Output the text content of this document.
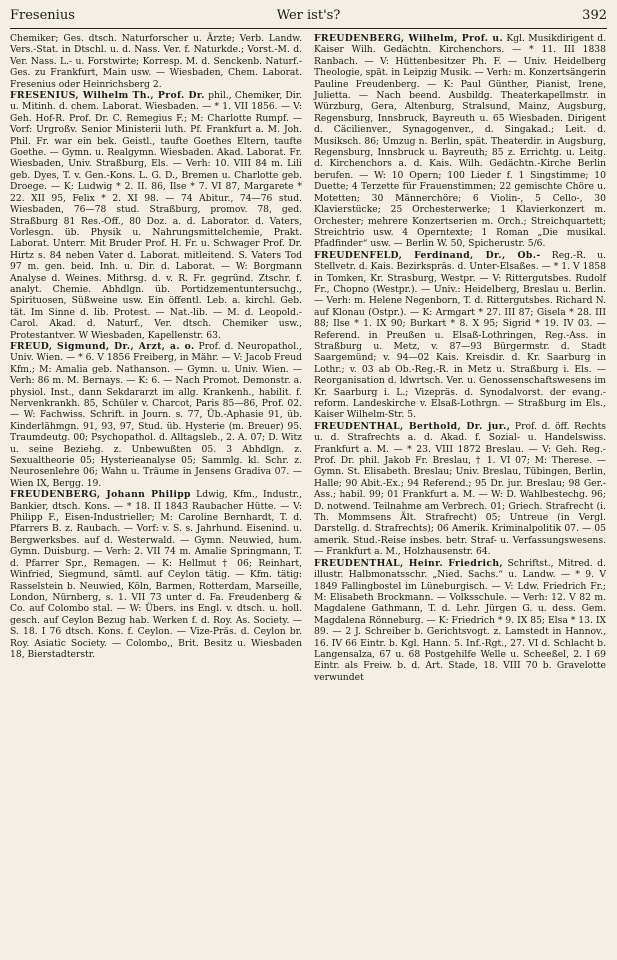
Fresenius	Wer ist's?	392

Chemiker; Ges. dtsch. Naturforscher u. Ärzte; Verb. Landw. Vers.-Stat. in Dtschl. u. d. Nass. Ver. f. Naturkde.; Vorst.-M. d. Ver. Nass. L.- u. Forstwirte; Korresp. M. d. Senckenb. Naturf.-Ges. zu Frankfurt, Main usw. — Wiesbaden, Chem. Laborat. Fresenius oder Heinrichsberg 2.

FRESENIUS, Wilhelm Th., Prof. Dr. phil., Chemiker, Dir. u. Mitinh. d. chem. Laborat. Wiesbaden. — * 1. VII 1856. — V: Geh. Hof-R. Prof. Dr. C. Remegius F.; M: Charlotte Rumpf. — Vorf: Urgroßv. Senior Ministerii luth. Pf. Frankfurt a. M. Joh. Phil. Fr. war ein bek. Geistl., taufte Goethes Eltern, taufte Goethe. — Gymn. u. Realgymn. Wiesbaden. Akad. Laborat. Fr. Wiesbaden, Univ. Straßburg, Els. — Verh: 10. VIII 84 m. Lili geb. Dyes, T. v. Gen.-Kons. L. G. D., Bremen u. Charlotte geb. Droege. — K: Ludwig * 2. II. 86, Ilse * 7. VI 87, Margarete * 22. XII 95, Felix * 2. XI 98. — 74 Abitur., 74—76 stud. Wiesbaden, 76—78 stud. Straßburg, promov. 78, ged. Straßburg 81 Res.-Off., 80 Doz. a. d. Laborator. d. Vaters, Vorlesgn. üb. Physik u. Nahrungsmittelchemie, Prakt. Laborat. Unterr. Mit Bruder Prof. H. Fr. u. Schwager Prof. Dr. Hirtz s. 84 neben Vater d. Laborat. mitleitend. S. Vaters Tod 97 m. gen. beid. Inh. u. Dir. d. Laborat. — W: Borgmann Analyse d. Weines. Mithrsg. d. v. R. Fr. gegründ. Ztschr. f. analyt. Chemie. Abhdlgn. üb. Portidzementuntersuchg., Spirituosen, Süßweine usw. Ein öffentl. Leb. a. kirchl. Geb. tät. Im Sinne d. lib. Protest. — Nat.-lib. — M. d. Leopold.-Carol. Akad. d. Naturf., Ver. dtsch. Chemiker usw., Protestantver. W Wiesbaden, Kapellenstr. 63.

FREUD, Sigmund, Dr., Arzt, a. o. Prof. d. Neuropathol., Univ. Wien. — * 6. V 1856 Freiberg, in Mähr. — V: Jacob Freud Kfm.; M: Amalia geb. Nathanson. — Gymn. u. Univ. Wien. — Verh: 86 m. M. Bernays. — K: 6. — Nach Promot. Demonstr. a. physiol. Inst., dann Sekdararzt im allg. Krankenh., habilit. f. Nervenkrankh. 85, Schüler v. Charcot, Paris 85—86, Prof. 02. — W: Fachwiss. Schrift. in Journ. s. 77, Üb.-Aphasie 91, üb. Kinderlähmgn. 91, 93, 97, Stud. üb. Hysterie (m. Breuer) 95. Traumdeutg. 00; Psychopathol. d. Alltagsleb., 2. A. 07; D. Witz u. seine Beziehg. z. Unbewußten 05. 3 Abhdlgn. z. Sexualtheorie 05; Hysterieanalyse 05; Sammlg. kl. Schr. z. Neurosenlehre 06; Wahn u. Träume in Jensens Gradiva 07. — Wien IX, Bergg. 19.

FREUDENBERG, Johann Philipp Ldwig, Kfm., Industr., Bankier, dtsch. Kons. — * 18. II 1843 Raubacher Hütte. — V: Philipp F., Eisen-Industrieller; M: Caroline Bernhardt, T. d. Pfarrers B. z. Raubach. — Vorf: v. S. s. Jahrhund. Eisenind. u. Bergwerksbes. auf d. Westerwald. — Gymn. Neuwied, hum. Gymn. Duisburg. — Verh: 2. VII 74 m. Amalie Springmann, T. d. Pfarrer Spr., Remagen. — K: Hellmut † 06; Reinhart, Winfried, Siegmund, sämtl. auf Ceylon tätig. — Kfm. tätig: Rasselstein b. Neuwied, Köln, Barmen, Rotterdam, Marseille, London, Nürnberg, s. 1. VII 73 unter d. Fa. Freudenberg & Co. auf Colombo stal. — W: Übers. ins Engl. v. dtsch. u. holl. gesch. auf Ceylon Bezug hab. Werken f. d. Roy. As. Society. — S. 18. I 76 dtsch. Kons. f. Ceylon. — Vize-Präs. d. Ceylon br. Roy. Asiatic Society. — Colombo,, Brit. Besitz u. Wiesbaden 18, Bierstadterstr.

FREUDENBERG, Wilhelm, Prof. u. Kgl. Musikdirigent d. Kaiser Wilh. Gedächtn. Kirchenchors. — * 11. III 1838 Ranbach. — V: Hüttenbesitzer Ph. F. — Univ. Heidelberg Theologie, spät. in Leipzig Musik. — Verh: m. Konzertsängerin Pauline Freudenberg. — K: Paul Günther, Pianist, Irene, Julietta. — Nach beend. Ausbildg. Theaterkapellmstr. in Würzburg, Gera, Altenburg, Stralsund, Mainz, Augsburg, Regensburg, Innsbruck, Bayreuth u. 65 Wiesbaden. Dirigent d. Cäcilienver., Synagogenver., d. Singakad.; Leit. d. Musiksch. 86; Umzug n. Berlin, spät. Theaterdir. in Augsburg, Regensburg, Innsbruck u. Bayreuth; 85 z. Errichtg. u. Leitg. d. Kirchenchors a. d. Kais. Wilh. Gedächtn.-Kirche Berlin berufen. — W: 10 Opern; 100 Lieder f. 1 Singstimme; 10 Duette; 4 Terzette für Frauenstimmen; 22 gemischte Chöre u. Motetten; 30 Männerchöre; 6 Violin-, 5 Cello-, 30 Klavierstücke; 25 Orchesterwerke; 1 Klavierkonzert m. Orchester; mehrere Konzertserien m. Orch.; Streichquartett; Streichtrio usw. 4 Operntexte; 1 Roman „Die musikal. Pfadfinder“ usw. — Berlin W. 50, Spicherustr. 5/6.

FREUDENFELD, Ferdinand, Dr., Ob.- Reg.-R. u. Stellvetr. d. Kais. Bezirkspräs. d. Unter-Elsaßes. — * 1. V 1858 in Tomken, Kr. Strasburg, Westpr. — V: Rittergutsbes. Rudolf Fr., Chopno (Westpr.). — Univ.: Heidelberg, Breslau u. Berlin. — Verh: m. Helene Negenborn, T. d. Rittergutsbes. Richard N. auf Klonau (Ostpr.). — K: Armgart * 27. III 87; Gisela * 28. III 88; Ilse * 1. IX 90; Burkart * 8. X 95; Sigrid * 19. IV 03. — Referend. in Preußen u. Elsaß-Lothringen, Reg.-Ass. in Straßburg u. Metz, v. 87—93 Bürgermstr. d. Stadt Saargemünd; v. 94—02 Kais. Kreisdir. d. Kr. Saarburg in Lothr.; v. 03 ab Ob.-Reg.-R. in Metz u. Straßburg i. Els. — Reorganisation d. ldwrtsch. Ver. u. Genossenschaftswesens im Kr. Saarburg i. L.; Vizepräs. d. Synodalvorst. der evang.-reform. Landeskirche v. Elsaß-Lothrgn. — Straßburg im Els., Kaiser Wilhelm-Str. 5.

FREUDENTHAL, Berthold, Dr. jur., Prof. d. öff. Rechts u. d. Strafrechts a. d. Akad. f. Sozial- u. Handelswiss. Frankfurt a. M. — * 23. VIII 1872 Breslau. — V: Geh. Reg.-Prof. Dr. phil. Jakob Fr. Breslau, † 1. VI 07; M: Therese. — Gymn. St. Elisabeth. Breslau; Univ. Breslau, Tübingen, Berlin, Halle; 90 Abit.-Ex.; 94 Referend.; 95 Dr. jur. Breslau; 98 Ger.-Ass.; habil. 99; 01 Frankfurt a. M. — W: D. Wahlbestechg. 96; D. notwend. Teilnahme am Verbrech. 01; Griech. Strafrecht (i. Th. Mommsens Ält. Strafrecht) 05; Untreue (in Vergl. Darstellg. d. Strafrechts); 06 Amerik. Kriminalpolitik 07. — 05 amerik. Stud.-Reise insbes. betr. Straf- u. Verfassungswesens. — Frankfurt a. M., Holzhausenstr. 64.

FREUDENTHAL, Heinr. Friedrich, Schriftst., Mitred. d. illustr. Halbmonatsschr. „Nied. Sachs.“ u. Landw. — * 9. V 1849 Fallingbostel im Lüneburgisch. — V: Ldw. Friedrich Fr.; M: Elisabeth Brockmann. — Volksschule. — Verh: 12. V 82 m. Magdalene Gathmann, T. d. Lehr. Jürgen G. u. dess. Gem. Magdalena Rönneburg. — K: Friedrich * 9. IX 85; Elsa * 13. IX 89. — 2 J. Schreiber b. Gerichtsvogt. z. Lamstedt in Hannov., 16. IV 66 Eintr. b. Kgl. Hann. 5. Inf.-Rgt., 27. VI d. Schlacht b. Langensalza, 67 u. 68 Postgehilfe Welle u. Scheeßel, 2. I 69 Eintr. als Freiw. b. d. Art. Stade, 18. VIII 70 b. Gravelotte verwundet
